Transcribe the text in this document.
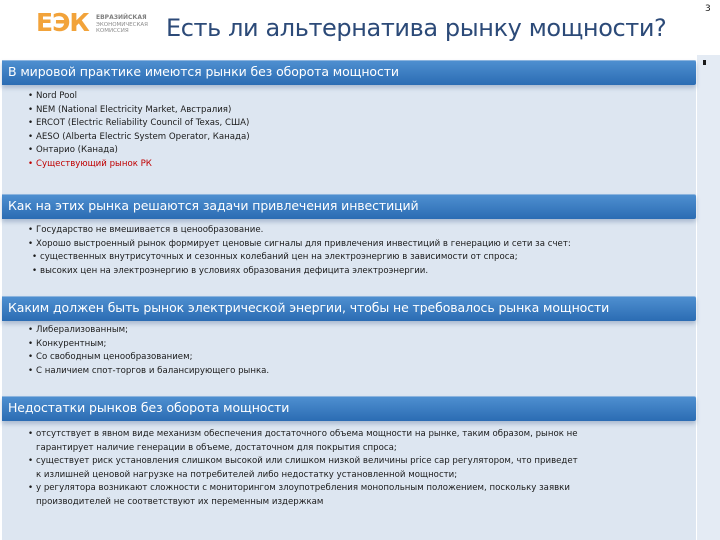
ЕЭК ЕВРАЗИЙСКАЯ
ЭКОНОМИЧЕСКАЯ
КОМИССИЯ
3
Есть ли альтернатива рынку мощности?
В мировой практике имеются рынки без оборота мощности
• Nord Pool
• NEM (National Electricity Market, Австралия)
• ERCOT (Electric Reliability Council of Texas, США)
• AESO (Alberta Electric System Operator, Канада)
• Онтарио (Канада)
• Существующий рынок РК
Как на этих рынка решаются задачи привлечения инвестиций
• Государство не вмешивается в ценообразование.
• Хорошо выстроенный рынок формирует ценовые сигналы для привлечения инвестиций в генерацию и сети за счет:
• существенных внутрисуточных и сезонных колебаний цен на электроэнергию в зависимости от спроса;
• высоких цен на электроэнергию в условиях образования дефицита электроэнергии.
Каким должен быть рынок электрической энергии, чтобы не требовалось рынка мощности
• Либерализованным;
• Конкурентным;
• Со свободным ценообразованием;
• С наличием спот-торгов и балансирующего рынка.
Недостатки рынков без оборота мощности
• отсутствует в явном виде механизм обеспечения достаточного объема мощности на рынке, таким образом, рынок не
гарантирует наличие генерации в объеме, достаточном для покрытия спроса;
• существует риск установления слишком высокой или слишком низкой величины price cap регулятором, что приведет
к излишней ценовой нагрузке на потребителей либо недостатку установленной мощности;
• у регулятора возникают сложности с мониторингом злоупотребления монопольным положением, поскольку заявки
производителей не соответствуют их переменным издержкам
